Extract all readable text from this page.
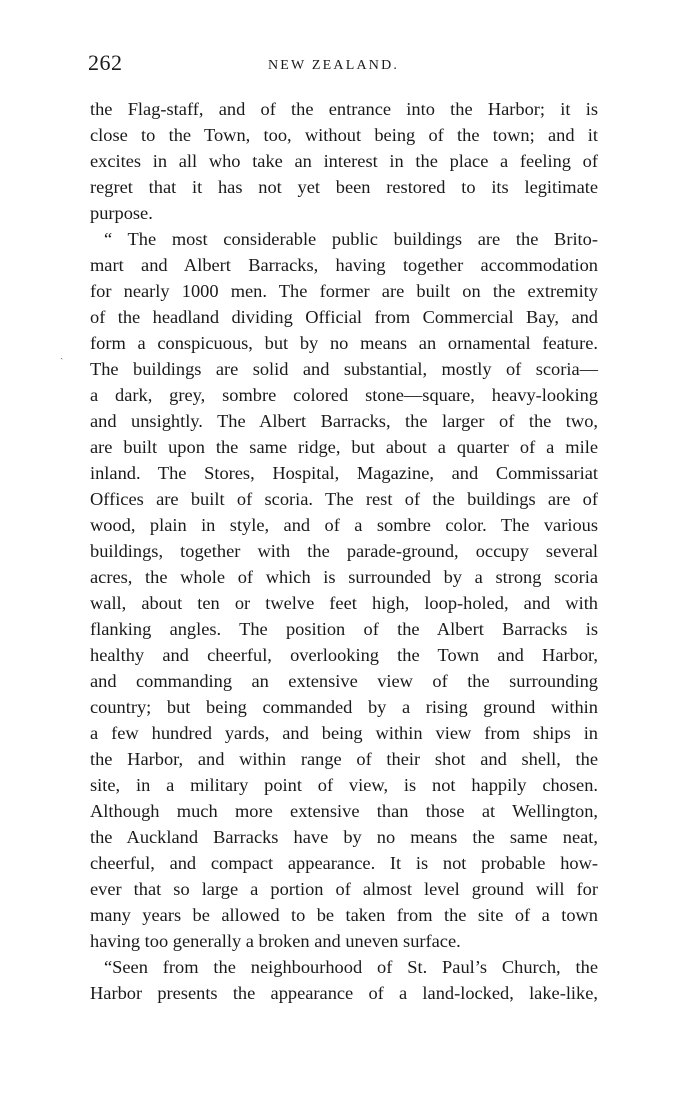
262	NEW ZEALAND.
ˏ
the Flag-staff, and of the entrance into the Harbor; it is
close to the Town, too, without being of the town; and it
excites in all who take an interest in the place a feeling of
regret that it has not yet been restored to its legitimate
purpose.
“ The most considerable public buildings are the Brito-
mart and Albert Barracks, having together accommodation
for nearly 1000 men. The former are built on the extremity
of the headland dividing Official from Commercial Bay, and
form a conspicuous, but by no means an ornamental feature.
The buildings are solid and substantial, mostly of scoria—
a dark, grey, sombre colored stone—square, heavy-looking
and unsightly. The Albert Barracks, the larger of the two,
are built upon the same ridge, but about a quarter of a mile
inland. The Stores, Hospital, Magazine, and Commissariat
Offices are built of scoria. The rest of the buildings are of
wood, plain in style, and of a sombre color. The various
buildings, together with the parade-ground, occupy several
acres, the whole of which is surrounded by a strong scoria
wall, about ten or twelve feet high, loop-holed, and with
flanking angles. The position of the Albert Barracks is
healthy and cheerful, overlooking the Town and Harbor,
and commanding an extensive view of the surrounding
country; but being commanded by a rising ground within
a few hundred yards, and being within view from ships in
the Harbor, and within range of their shot and shell, the
site, in a military point of view, is not happily chosen.
Although much more extensive than those at Wellington,
the Auckland Barracks have by no means the same neat,
cheerful, and compact appearance. It is not probable how-
ever that so large a portion of almost level ground will for
many years be allowed to be taken from the site of a town
having too generally a broken and uneven surface.
“Seen from the neighbourhood of St. Paul’s Church, the
Harbor presents the appearance of a land-locked, lake-like,
